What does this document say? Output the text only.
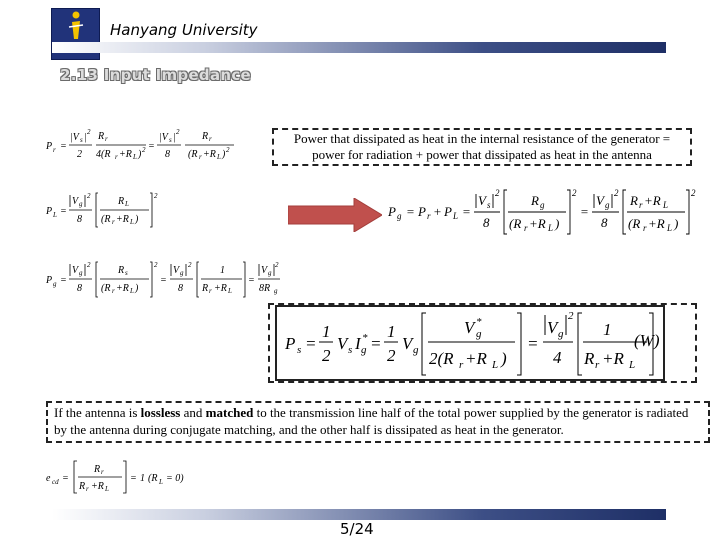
Hanyang University
2.13 Input Impedance
P r =
|V s | 2
2
R r
4(R r +R L ) 2 =
|V s | 2
8
R r
(R r +R L ) 2
P L =
V g
2
8
R L
(R r +R L )
2
P g =
V g
2
8
R s
(R r +R L )
2
=
V g
2
8
1
R r +R L
=
V g
2
8R g
Power that dissipated as heat in the internal resistance of the generator = power for radiation + power that dissipated as heat in the antenna
P g = P r + P L =
V s
2
8
R g
(R r +R L )
2
=
V g
2
8
R r +R L
(R r +R L )
2
P s =
1
2
V s I g
* =
1
2
V g
V g
*
2(R r +R L )
=
V g
2
4
1
R r +R L
(W)
If the antenna is lossless and matched to the transmission line half of the total power supplied by the generator is radiated by the antenna during conjugate matching, and the other half is dissipated as heat in the generator.
e cd =
R r
R r +R L
= 1 (R L = 0)
5/24
